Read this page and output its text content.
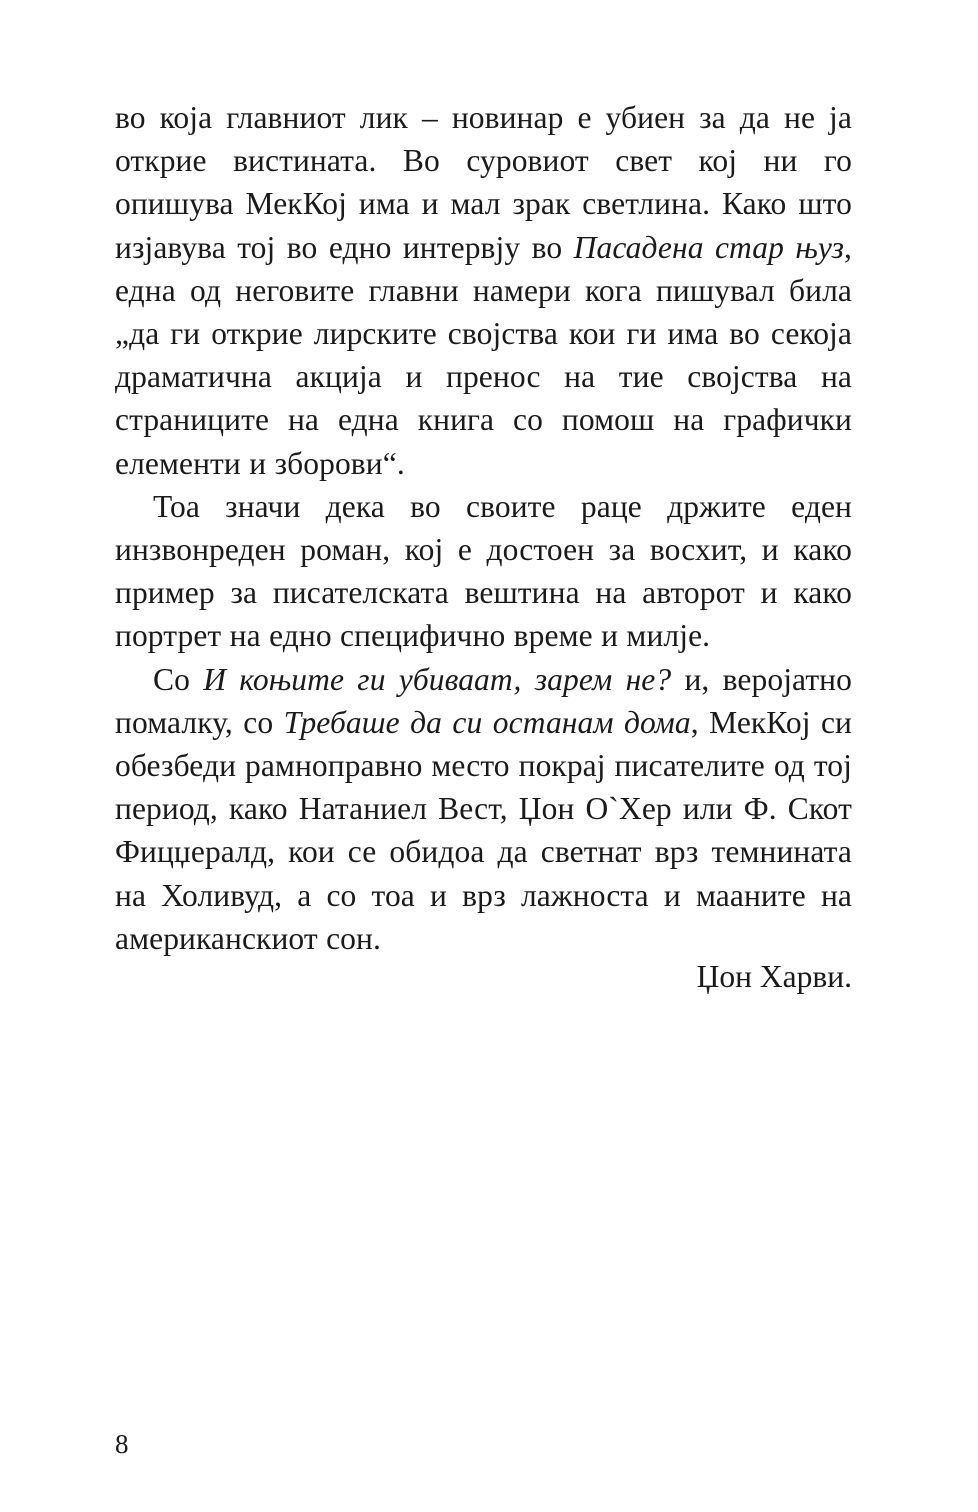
во која главниот лик – новинар е убиен за да не ја открие вистината. Во суровиот свет кој ни го опишува МекКој има и мал зрак светлина. Како што изјавува тој во едно интервју во Пасадена стар њуз, една од неговите главни намери кога пишувал била „да ги открие лирските својства кои ги има во секоја драматична акција и пренос на тие својства на страниците на една книга со помош на графички елементи и зборови“.

Тоа значи дека во своите раце држите еден инзвонреден роман, кој е достоен за восхит, и како пример за писателската вештина на авторот и како портрет на едно специфично време и милје.

Со И коњите ги убиваат, зарем не? и, веројатно помалку, со Требаше да си останам дома, МекКој си обезбеди рамноправно место покрај писателите од тој период, како Натаниел Вест, Џон О`Хер или Ф. Скот Фицџералд, кои се обидоа да светнат врз темнината на Холивуд, а со тоа и врз лажноста и мааните на американскиот сон.

Џон Харви.

8
